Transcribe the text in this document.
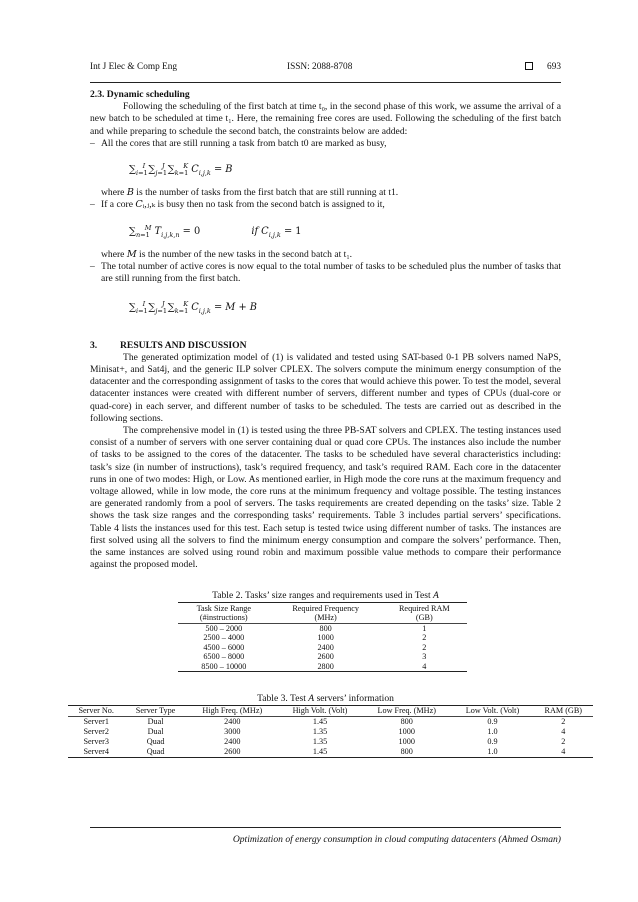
Int J Elec & Comp Eng	ISSN: 2088-8708	693
2.3. Dynamic scheduling

Following the scheduling of the first batch at time t₀, in the second phase of this work, we assume the arrival of a new batch to be scheduled at time t₁. Here, the remaining free cores are used. Following the scheduling of the first batch and while preparing to schedule the second batch, the constraints below are added:

– All the cores that are still running a task from batch t0 are marked as busy,
$\sum_{𝑖=1}^𝐼$ $\sum_{𝑗=1}^𝐽$ $\sum_{𝑘=1}^𝐾$ 𝐶$_{𝑖,𝑗,𝑘}$ = 𝐵

where 𝐵 is the number of tasks from the first batch that are still running at t1.

– If a core 𝐶ᵢ,ⱼ,ₖ is busy then no task from the second batch is assigned to it,
$\sum_{𝑛=1}^𝑀$ 𝑇$_{𝑖,𝑗,𝑘,𝑛}$ = 0	𝑖𝑓 𝐶$_{𝑖,𝑗,𝑘}$ = 1

where 𝑀 is the number of the new tasks in the second batch at t₁.

– The total number of active cores is now equal to the total number of tasks to be scheduled plus the number of tasks that are still running from the first batch.
$\sum_{𝑖=1}^𝐼$ $\sum_{𝑗=1}^𝐽$ $\sum_{𝑘=1}^𝐾$ 𝐶$_{𝑖,𝑗,𝑘}$ = 𝑀 + 𝐵
3.	RESULTS AND DISCUSSION

The generated optimization model of (1) is validated and tested using SAT-based 0-1 PB solvers named NaPS, Minisat+, and Sat4j, and the generic ILP solver CPLEX. The solvers compute the minimum energy consumption of the datacenter and the corresponding assignment of tasks to the cores that would achieve this power. To test the model, several datacenter instances were created with different number of servers, different number and types of CPUs (dual-core or quad-core) in each server, and different number of tasks to be scheduled. The tests are carried out as described in the following sections.

The comprehensive model in (1) is tested using the three PB-SAT solvers and CPLEX. The testing instances used consist of a number of servers with one server containing dual or quad core CPUs. The instances also include the number of tasks to be assigned to the cores of the datacenter. The tasks to be scheduled have several characteristics including: task’s size (in number of instructions), task’s required frequency, and task’s required RAM. Each core in the datacenter runs in one of two modes: High, or Low. As mentioned earlier, in High mode the core runs at the maximum frequency and voltage allowed, while in low mode, the core runs at the minimum frequency and voltage possible. The testing instances are generated randomly from a pool of servers. The tasks requirements are created depending on the tasks’ size. Table 2 shows the task size ranges and the corresponding tasks’ requirements. Table 3 includes partial servers’ specifications. Table 4 lists the instances used for this test. Each setup is tested twice using different number of tasks. The instances are first solved using all the solvers to find the minimum energy consumption and compare the solvers’ performance. Then, the same instances are solved using round robin and maximum possible value methods to compare their performance against the proposed model.

Table 2. Tasks’ size ranges and requirements used in Test A
Task Size Range	Required Frequency	Required RAM
(#instructions)	(MHz)	(GB)
500 – 2000	800	1
2500 – 4000	1000	2
4500 – 6000	2400	2
6500 – 8000	2600	3
8500 – 10000	2800	4
Table 3. Test A servers’ information
Server No.	Server Type	High Freq. (MHz)	High Volt. (Volt)	Low Freq. (MHz)	Low Volt. (Volt)	RAM (GB)
Server1	Dual	2400	1.45	800	0.9	2
Server2	Dual	3000	1.35	1000	1.0	4
Server3	Quad	2400	1.35	1000	0.9	2
Server4	Quad	2600	1.45	800	1.0	4
Optimization of energy consumption in cloud computing datacenters (Ahmed Osman)
